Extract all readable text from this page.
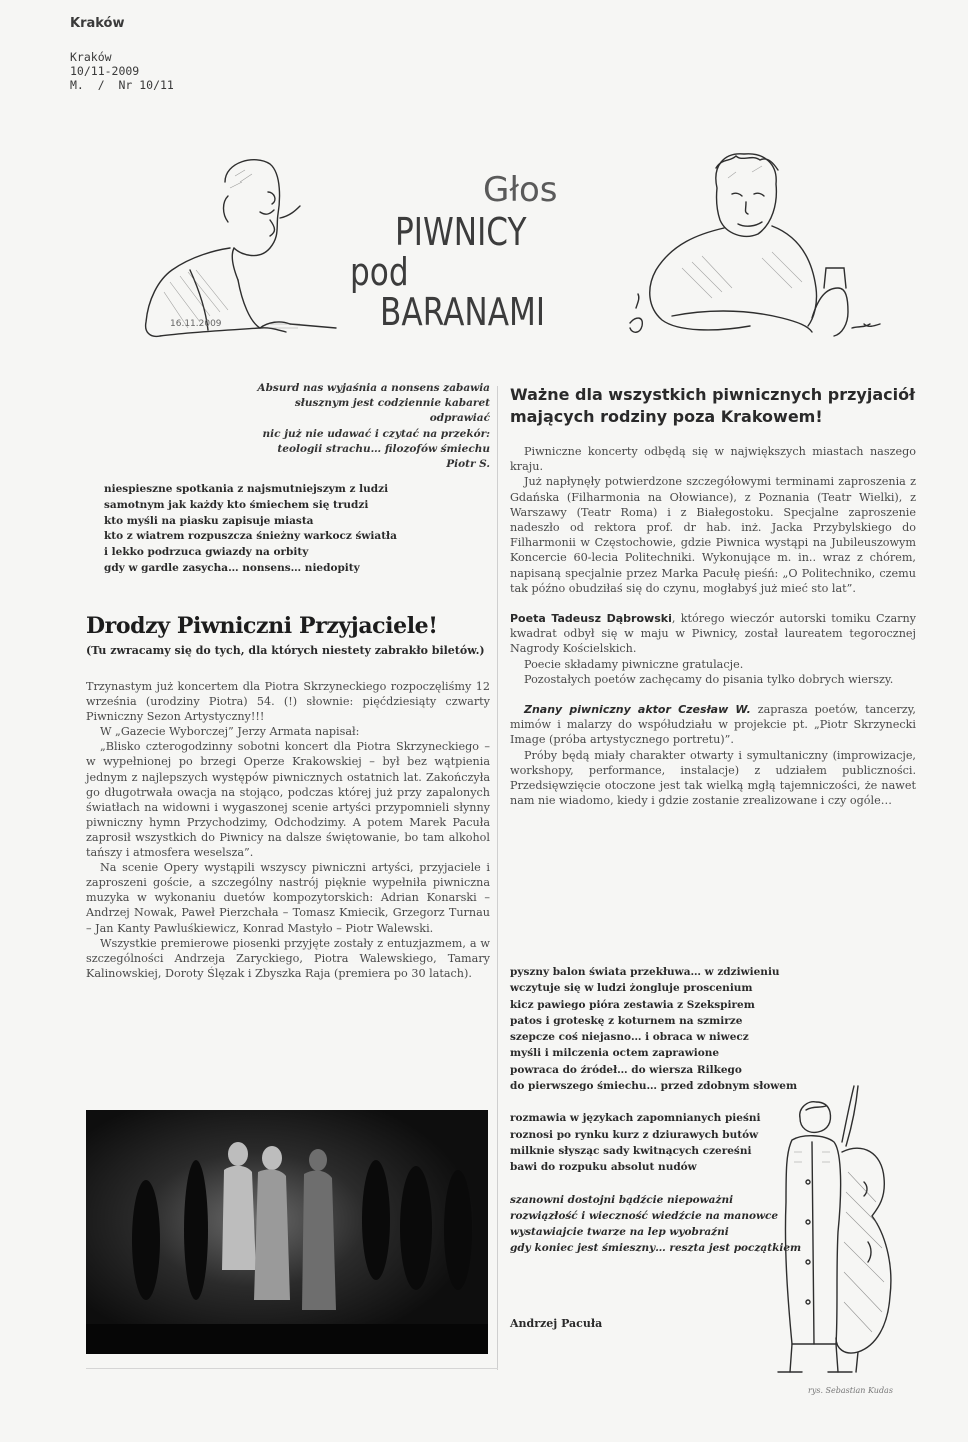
Kraków
Kraków
10/11-2009
M.  /  Nr 10/11
16.11.2009
Głos
PIWNICY
pod
BARANAMI
Absurd nas wyjaśnia a nonsens zabawia
słusznym jest codziennie kabaret odprawiać
nic już nie udawać i czytać na przekór:
teologii strachu… filozofów śmiechu
Piotr S.
niespieszne spotkania z najsmutniejszym z ludzi
samotnym jak każdy kto śmiechem się trudzi
kto myśli na piasku zapisuje miasta
kto z wiatrem rozpuszcza śnieżny warkocz światła
i lekko podrzuca gwiazdy na orbity
gdy w gardle zasycha… nonsens… niedopity
Drodzy Piwniczni Przyjaciele!
(Tu zwracamy się do tych, dla których niestety zabrakło biletów.)

Trzynastym już koncertem dla Piotra Skrzyneckiego rozpoczęliśmy 12 września (urodziny Piotra) 54. (!) słownie: pięćdziesiąty czwarty Piwniczny Sezon Artystyczny!!!

W „Gazecie Wyborczej” Jerzy Armata napisał:

„Blisko czterogodzinny sobotni koncert dla Piotra Skrzyneckiego – w wypełnionej po brzegi Operze Krakowskiej – był bez wątpienia jednym z najlepszych występów piwnicznych ostatnich lat. Zakończyła go długotrwała owacja na stojąco, podczas której już przy zapalonych światłach na widowni i wygaszonej scenie artyści przypomnieli słynny piwniczny hymn Przychodzimy, Odchodzimy. A potem Marek Pacuła zaprosił wszystkich do Piwnicy na dalsze świętowanie, bo tam alkohol tańszy i atmosfera weselsza”.

Na scenie Opery wystąpili wszyscy piwniczni artyści, przyjaciele i zaproszeni goście, a szczególny nastrój pięknie wypełniła piwniczna muzyka w wykonaniu duetów kompozytorskich: Adrian Konarski – Andrzej Nowak, Paweł Pierzchała – Tomasz Kmiecik, Grzegorz Turnau – Jan Kanty Pawluśkiewicz, Konrad Mastyło – Piotr Walewski.

Wszystkie premierowe piosenki przyjęte zostały z entuzjazmem, a w szczególności Andrzeja Zaryckiego, Piotra Walewskiego, Tamary Kalinowskiej, Doroty Ślęzak i Zbyszka Raja (premiera po 30 latach).

Ważne dla wszystkich piwnicznych przyjaciół mających rodziny poza Krakowem!

Piwniczne koncerty odbędą się w największych miastach naszego kraju.

Już napłynęły potwierdzone szczegółowymi terminami zaproszenia z Gdańska (Filharmonia na Ołowiance), z Poznania (Teatr Wielki), z Warszawy (Teatr Roma) i z Białegostoku. Specjalne zaproszenie nadeszło od rektora prof. dr hab. inż. Jacka Przybylskiego do Filharmonii w Częstochowie, gdzie Piwnica wystąpi na Jubileuszowym Koncercie 60-lecia Politechniki. Wykonujące m. in.. wraz z chórem, napisaną specjalnie przez Marka Pacułę pieśń: „O Politechniko, czemu tak późno obudziłaś się do czynu, mogłabyś już mieć sto lat”.

Poeta Tadeusz Dąbrowski, którego wieczór autorski tomiku Czarny kwadrat odbył się w maju w Piwnicy, został laureatem tegorocznej Nagrody Kościelskich.

Poecie składamy piwniczne gratulacje.

Pozostałych poetów zachęcamy do pisania tylko dobrych wierszy.

Znany piwniczny aktor Czesław W. zaprasza poetów, tancerzy, mimów i malarzy do współudziału w projekcie pt. „Piotr Skrzynecki Image (próba artystycznego portretu)”.

Próby będą miały charakter otwarty i symultaniczny (improwizacje, workshopy, performance, instalacje) z udziałem publiczności. Przedsięwzięcie otoczone jest tak wielką mgłą tajemniczości, że nawet nam nie wiadomo, kiedy i gdzie zostanie zrealizowane i czy ogóle…

pyszny balon świata przekłuwa… w zdziwieniu
wczytuje się w ludzi żongluje proscenium
kicz pawiego pióra zestawia z Szekspirem
patos i groteskę z koturnem na szmirze
szepcze coś niejasno… i obraca w niwecz
myśli i milczenia octem zaprawione
powraca do źródeł… do wiersza Rilkego
do pierwszego śmiechu… przed zdobnym słowem
rozmawia w językach zapomnianych pieśni
roznosi po rynku kurz z dziurawych butów
milknie słysząc sady kwitnących czereśni
bawi do rozpuku absolut nudów
szanowni dostojni bądźcie niepoważni
rozwiązłość i wieczność wiedźcie na manowce
wystawiajcie twarze na lep wyobraźni
gdy koniec jest śmieszny… reszta jest początkiem
Andrzej Pacuła
rys. Sebastian Kudas
